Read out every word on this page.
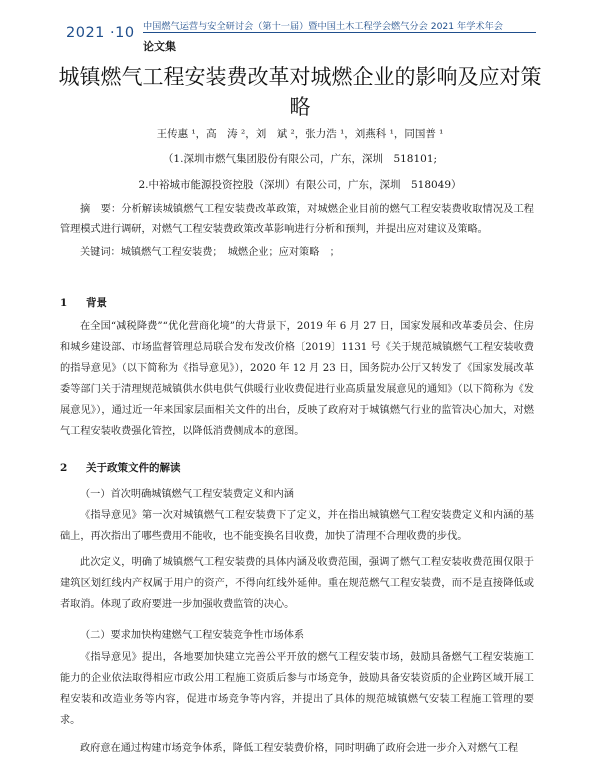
2021 ·10 中国燃气运营与安全研讨会（第十一届）暨中国土木工程学会燃气分会 2021 年学术年会
论文集
城镇燃气工程安装费改革对城燃企业的影响及应对策略
王传惠 ¹，高　涛 ²，刘　斌 ²，张力浩 ¹，刘燕科 ¹，同国普 ¹
（1.深圳市燃气集团股份有限公司，广东，深圳　518101;
2.中裕城市能源投资控股（深圳）有限公司，广东，深圳　518049）
摘　要：分析解读城镇燃气工程安装费改革政策，对城燃企业目前的燃气工程安装费收取情况及工程管理模式进行调研，对燃气工程安装费政策改革影响进行分析和预判，并提出应对建议及策略。
关键词：城镇燃气工程安装费；　城燃企业；应对策略　；
1 背景
在全国“减税降费”“优化营商化境”的大背景下，2019 年 6 月 27 日，国家发展和改革委员会、住房和城乡建设部、市场监督管理总局联合发布发改价格〔2019〕1131 号《关于规范城镇燃气工程安装收费的指导意见》（以下简称为《指导意见》），2020 年 12 月 23 日，国务院办公厅又转发了《国家发展改革委等部门关于清理规范城镇供水供电供气供暖行业收费促进行业高质量发展意见的通知》（以下简称为《发展意见》），通过近一年来国家层面相关文件的出台，反映了政府对于城镇燃气行业的监管决心加大，对燃气工程安装收费强化管控，以降低消费侧成本的意图。
2 关于政策文件的解读
（一）首次明确城镇燃气工程安装费定义和内涵
《指导意见》第一次对城镇燃气工程安装费下了定义，并在指出城镇燃气工程安装费定义和内涵的基础上，再次指出了哪些费用不能收，也不能变换名目收费，加快了清理不合理收费的步伐。
此次定义，明确了城镇燃气工程安装费的具体内涵及收费范围，强调了燃气工程安装收费范围仅限于建筑区划红线内产权属于用户的资产，不得向红线外延伸。重在规范燃气工程安装费，而不是直接降低或者取消。体现了政府要进一步加强收费监管的决心。
（二）要求加快构建燃气工程安装竞争性市场体系
《指导意见》提出，各地要加快建立完善公平开放的燃气工程安装市场，鼓励具备燃气工程安装施工能力的企业依法取得相应市政公用工程施工资质后参与市场竞争，鼓励具备安装资质的企业跨区域开展工程安装和改造业务等内容，促进市场竞争等内容，并提出了具体的规范城镇燃气安装工程施工管理的要求。
政府意在通过构建市场竞争体系，降低工程安装费价格，同时明确了政府会进一步介入对燃气工程
